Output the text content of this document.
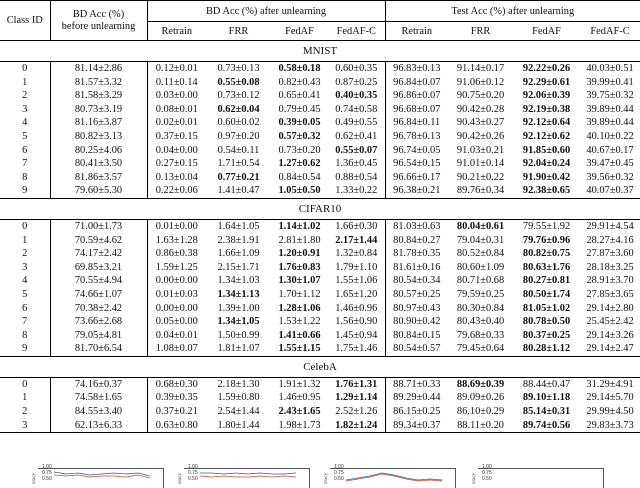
Class ID	BD Acc (%)
before unlearning	BD Acc (%) after unlearning				Test Acc (%) after unlearning			
		Retrain	FRR	FedAF	FedAF-C	Retrain	FRR	FedAF	FedAF-C
MNIST									
0	81.14±2.86	0.12±0.01	0.73±0.13	0.58±0.18	0.60±0.35	96.83±0.13	91.14±0.17	92.22±0.26	40.03±0.51
1	81.57±3.32	0.11±0.14	0.55±0.08	0.82±0.43	0.87±0.25	96.84±0.07	91.06±0.12	92.29±0.61	39.99±0.41
2	81.58±3.29	0.03±0.00	0.73±0.12	0.65±0.41	0.40±0.35	96.86±0.07	90.75±0.20	92.06±0.39	39.75±0.32
3	80.73±3.19	0.08±0.01	0.62±0.04	0.79±0.45	0.74±0.58	96.68±0.07	90.42±0.28	92.19±0.38	39.89±0.44
4	81.16±3.87	0.02±0.01	0.60±0.02	0.39±0.05	0.49±0.55	96.84±0.11	90.43±0.27	92.12±0.64	39.89±0.44
5	80.82±3.13	0.37±0.15	0.97±0.20	0.57±0.32	0.62±0.41	96.78±0.13	90.42±0.26	92.12±0.62	40.10±0.22
6	80.25±4.06	0.04±0.00	0.54±0.11	0.73±0.20	0.55±0.07	96.74±0.05	91.03±0.21	91.85±0.60	40.67±0.17
7	80.41±3.50	0.27±0.15	1.71±0.54	1.27±0.62	1.36±0.45	96.54±0.15	91.01±0.14	92.04±0.24	39.47±0.45
8	81.86±3.57	0.13±0.04	0.77±0.21	0.84±0.54	0.88±0.54	96.66±0.17	90.21±0.22	91.90±0.42	39.56±0.32
9	79.60±5.30	0.22±0.06	1.41±0.47	1.05±0.50	1.33±0.22	96.38±0.21	89.76±0.34	92.38±0.65	40.07±0.37
CIFAR10									
0	71.00±1.73	0.01±0.00	1.64±1.05	1.14±1.02	1.66±0.30	81.03±0.63	80.04±0.61	79.55±1.92	29.91±4.54
1	70.59±4.62	1.63±1.28	2.38±1.91	2.81±1.80	2.17±1.44	80.84±0.27	79.04±0.31	79.76±0.96	28.27±4.16
2	74.17±2.42	0.86±0.38	1.66±1.09	1.20±0.91	1.32±0.84	81.78±0.35	80.52±0.84	80.82±0.75	27.87±3.60
3	69.85±3.21	1.59±1.25	2.15±1.71	1.76±0.83	1.79±1.10	81.61±0.16	80.60±1.09	80.63±1.76	28.18±3.25
4	70.55±4.94	0.00±0.00	1.34±1.03	1.30±1.07	1.55±1.06	80.54±0.34	80.71±0.68	80.27±0.81	28.91±3.70
5	74.66±1.07	0.01±0.03	1.34±1.13	1.70±1.12	1.65±1.20	80.57±0.25	79.59±0.25	80.50±1.74	27.85±3.65
6	70.38±2.42	0.00±0.00	1.39±1.00	1.28±1.06	1.46±0.96	80.97±0.43	80.30±0.84	81.05±1.02	29.14±2.80
7	73.66±2.68	0.05±0.00	1.34±1.05	1.53±1.22	1.56±0.90	80.90±0.42	80.43±0.40	80.78±0.50	25.45±2.42
8	79.05±4.81	0.04±0.01	1.50±0.99	1.41±0.66	1.45±0.94	80.84±0.15	79.68±0.33	80.37±0.25	29.14±3.26
9	81.70±6.54	1.08±0.07	1.81±1.07	1.55±1.15	1.75±1.46	80.54±0.57	79.45±0.64	80.28±1.12	29.14±2.47
CelebA									
0	74.16±0.37	0.68±0.30	2.18±1.30	1.91±1.32	1.76±1.31	88.71±0.33	88.69±0.39	88.44±0.47	31.29±4.91
1	74.58±1.65	0.39±0.35	1.59±0.80	1.46±0.95	1.29±1.14	89.29±0.44	89.09±0.26	89.10±1.18	29.14±5.70
2	84.55±3.40	0.37±0.21	2.54±1.44	2.43±1.65	2.52±1.26	86.15±0.25	86.10±0.29	85.14±0.31	29.99±4.50
3	62.13±6.33	0.63±0.80	1.80±1.44	1.98±1.73	1.82±1.24	89.34±0.37	88.11±0.20	89.74±0.56	29.83±3.73
uracy
1.00
0.75
0.50	uracy
1.00
0.75
0.50	uracy
1.00
0.75
0.50	uracy
1.00
0.75
0.50
